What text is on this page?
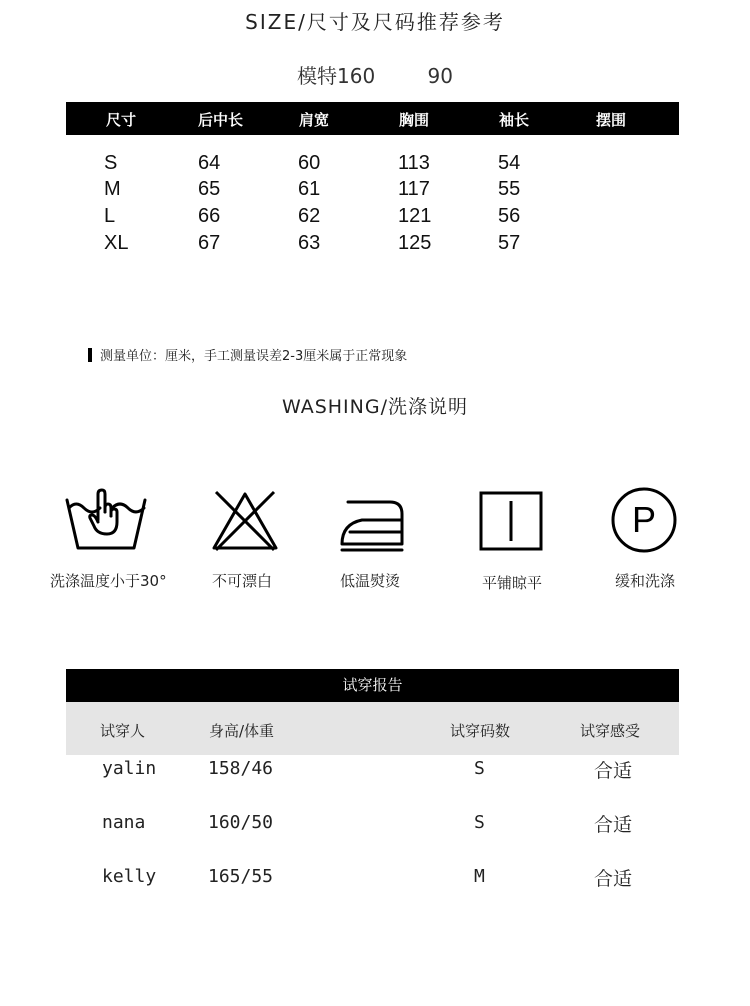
SIZE/尺寸及尺码推荐参考
模特160	90
尺寸	后中长	肩宽	胸围	袖长	摆围
S	64	60	113	54
M	65	61	117	55
L	66	62	121	56
XL	67	63	125	57
测量单位：厘米，手工测量误差2-3厘米属于正常现象
WASHING/洗涤说明
P
洗涤温度小于30°	不可漂白	低温熨烫	平铺晾平	缓和洗涤
试穿报告
试穿人	身高/体重	试穿码数	试穿感受
yalin	158/46	S	合适
nana	160/50	S	合适
kelly	165/55	M	合适
